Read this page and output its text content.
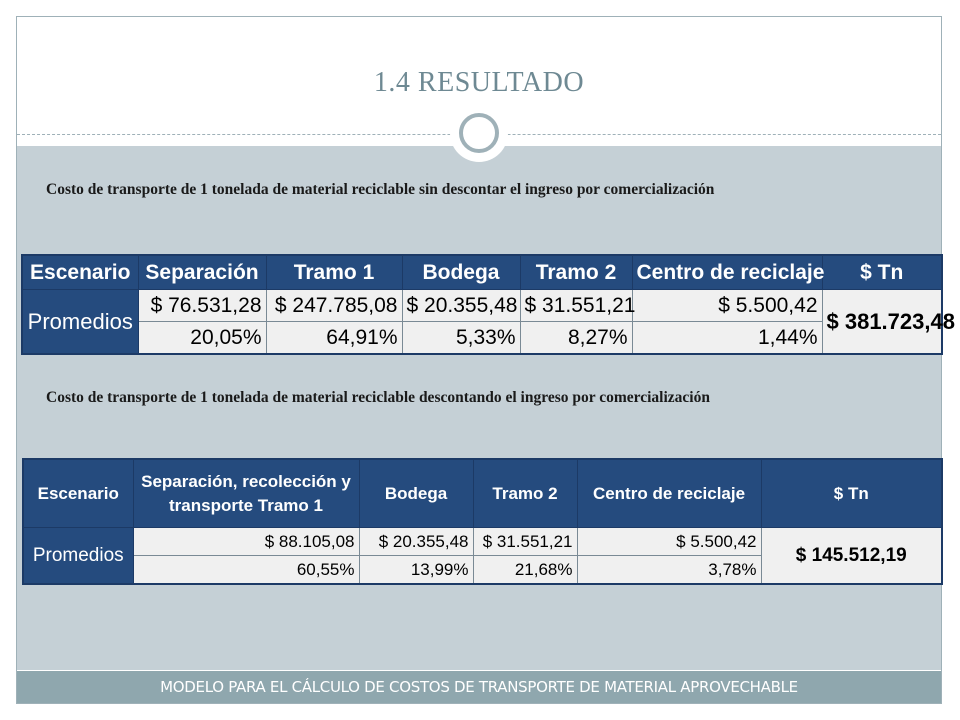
1.4 RESULTADO
Costo de transporte de 1 tonelada de material reciclable sin descontar el ingreso por comercialización
Escenario	Separación	Tramo 1	Bodega	Tramo 2	Centro de reciclaje	$ Tn
Promedios	$ 76.531,28	$ 247.785,08	$ 20.355,48	$ 31.551,21	$ 5.500,42	$ 381.723,48
	20,05%	64,91%	5,33%	8,27%	1,44%	
Costo de transporte de 1 tonelada de material reciclable descontando el ingreso por comercialización
Escenario	Separación, recolección y transporte Tramo 1	Bodega	Tramo 2	Centro de reciclaje	$ Tn
Promedios	$ 88.105,08	$ 20.355,48	$ 31.551,21	$ 5.500,42	$ 145.512,19
	60,55%	13,99%	21,68%	3,78%	
MODELO PARA EL CÁLCULO DE COSTOS DE TRANSPORTE DE MATERIAL APROVECHABLE
